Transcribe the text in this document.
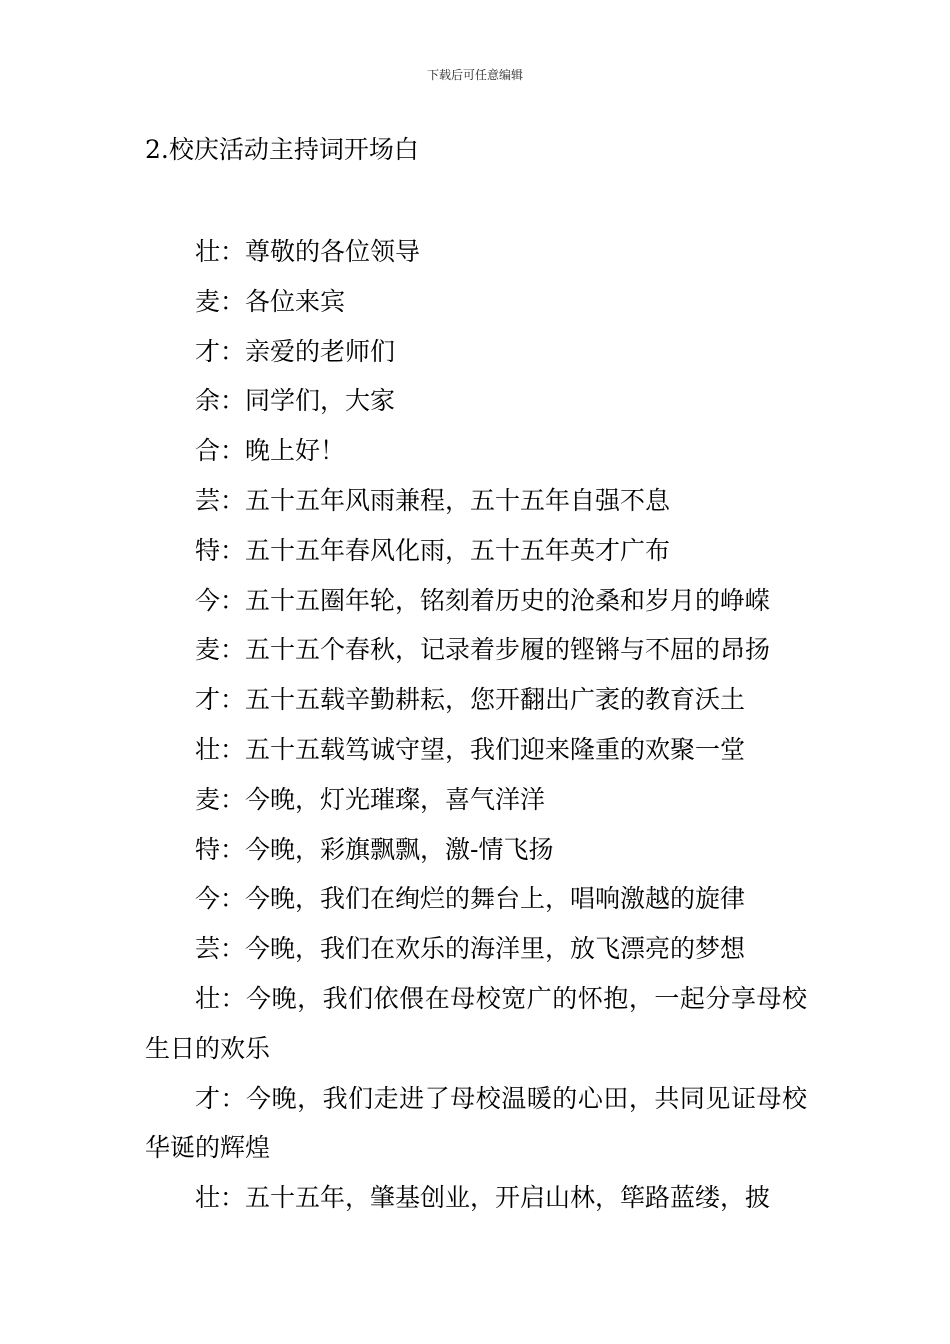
下载后可任意编辑
2.校庆活动主持词开场白

壮：尊敬的各位领导

麦：各位来宾

才：亲爱的老师们

余：同学们，大家

合：晚上好！

芸：五十五年风雨兼程，五十五年自强不息

特：五十五年春风化雨，五十五年英才广布

今：五十五圈年轮，铭刻着历史的沧桑和岁月的峥嵘

麦：五十五个春秋，记录着步履的铿锵与不屈的昂扬

才：五十五载辛勤耕耘，您开翻出广袤的教育沃土

壮：五十五载笃诚守望，我们迎来隆重的欢聚一堂

麦：今晚，灯光璀璨，喜气洋洋

特：今晚，彩旗飘飘，激-情飞扬

今：今晚，我们在绚烂的舞台上，唱响激越的旋律

芸：今晚，我们在欢乐的海洋里，放飞漂亮的梦想

壮：今晚，我们依偎在母校宽广的怀抱，一起分享母校生日的欢乐

才：今晚，我们走进了母校温暖的心田，共同见证母校华诞的辉煌

壮：五十五年，肇基创业，开启山林，筚路蓝缕，披
